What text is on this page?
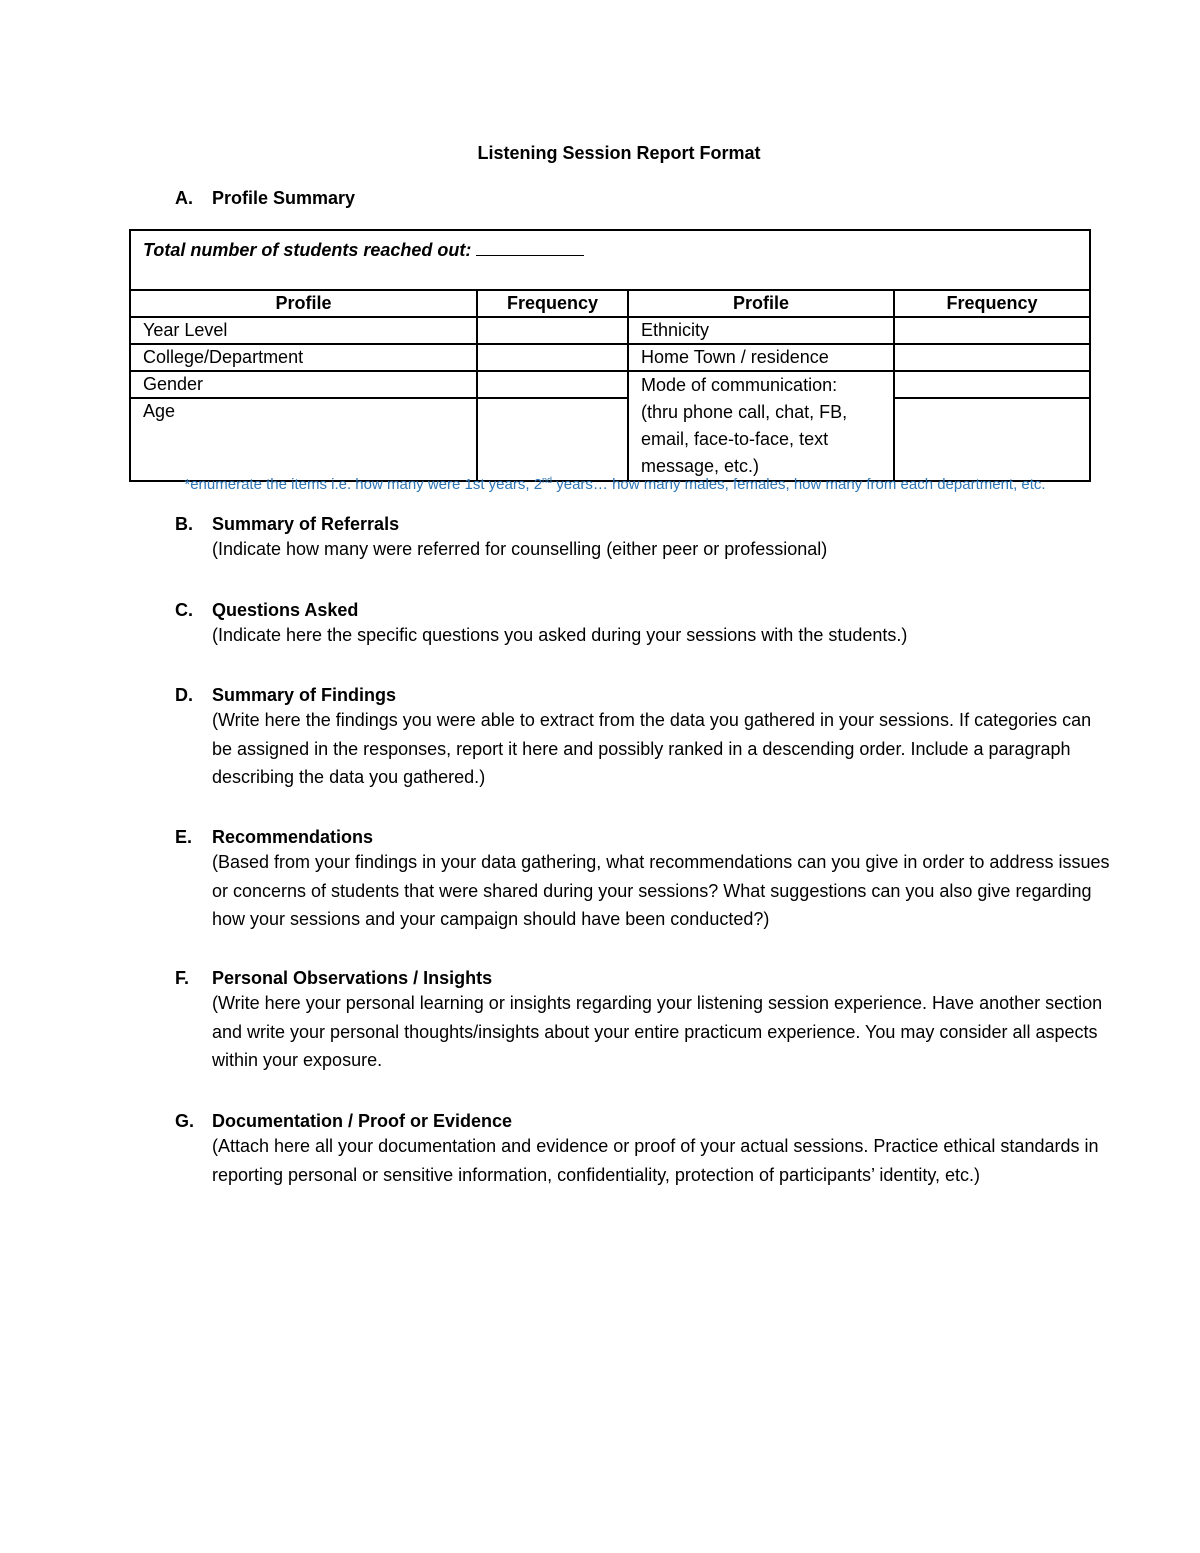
Listening Session Report Format
A. Profile Summary
Total number of students reached out:			
Profile	Frequency	Profile	Frequency
Year Level		Ethnicity	
College/Department		Home Town / residence	
Gender		Mode of communication:
(thru phone call, chat, FB,
email, face-to-face, text
message, etc.)	

Age			
*enumerate the items i.e. how many were 1st years, 2nd years… how many males, females, how many from each department, etc.
B. Summary of Referrals
(Indicate how many were referred for counselling (either peer or professional)
C. Questions Asked
(Indicate here the specific questions you asked during your sessions with the students.)
D. Summary of Findings
(Write here the findings you were able to extract from the data you gathered in your sessions. If categories can be assigned in the responses, report it here and possibly ranked in a descending order. Include a paragraph describing the data you gathered.)
E. Recommendations
(Based from your findings in your data gathering, what recommendations can you give in order to address issues or concerns of students that were shared during your sessions? What suggestions can you also give regarding how your sessions and your campaign should have been conducted?)
F. Personal Observations / Insights
(Write here your personal learning or insights regarding your listening session experience. Have another section and write your personal thoughts/insights about your entire practicum experience. You may consider all aspects within your exposure.
G. Documentation / Proof or Evidence
(Attach here all your documentation and evidence or proof of your actual sessions. Practice ethical standards in reporting personal or sensitive information, confidentiality, protection of participants’ identity, etc.)
